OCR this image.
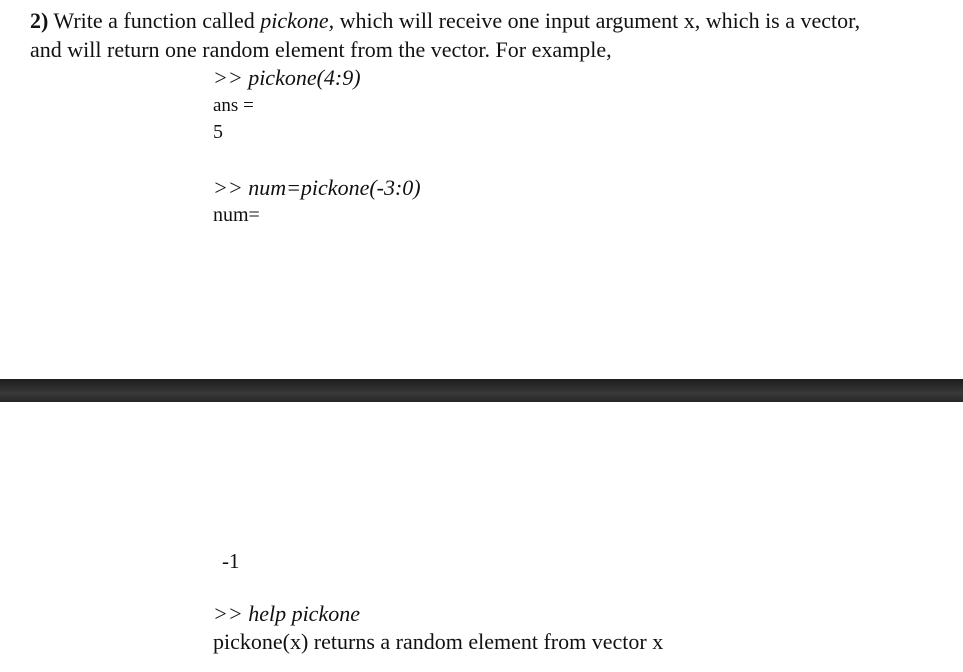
2) Write a function called pickone, which will receive one input argument x, which is a vector,
and will return one random element from the vector. For example,
>> pickone(4:9)
ans =
5
>> num=pickone(-3:0)
num=
-1
>> help pickone
pickone(x) returns a random element from vector x
